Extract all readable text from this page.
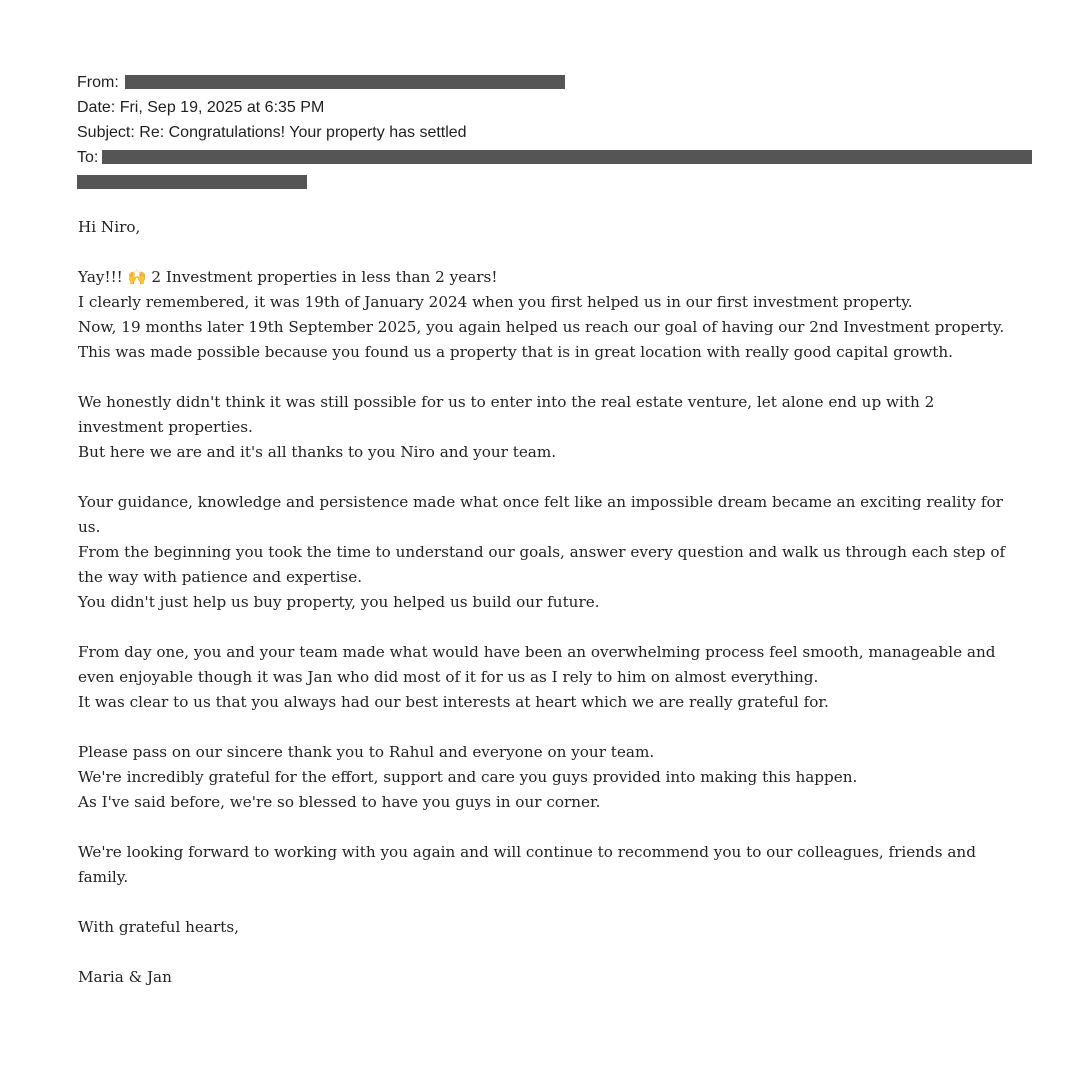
From:
Date: Fri, Sep 19, 2025 at 6:35 PM
Subject: Re: Congratulations! Your property has settled
To:

Hi Niro,

Yay!!! 🙌 2 Investment properties in less than 2 years!
I clearly remembered, it was 19th of January 2024 when you first helped us in our first investment property.
Now, 19 months later 19th September 2025, you again helped us reach our goal of having our 2nd Investment property.
This was made possible because you found us a property that is in great location with really good capital growth.

We honestly didn't think it was still possible for us to enter into the real estate venture, let alone end up with 2 investment properties.
But here we are and it's all thanks to you Niro and your team.

Your guidance, knowledge and persistence made what once felt like an impossible dream became an exciting reality for us.
From the beginning you took the time to understand our goals, answer every question and walk us through each step of the way with patience and expertise.
You didn't just help us buy property, you helped us build our future.

From day one, you and your team made what would have been an overwhelming process feel smooth, manageable and even enjoyable though it was Jan who did most of it for us as I rely to him on almost everything.
It was clear to us that you always had our best interests at heart which we are really grateful for.

Please pass on our sincere thank you to Rahul and everyone on your team.
We're incredibly grateful for the effort, support and care you guys provided into making this happen.
As I've said before, we're so blessed to have you guys in our corner.

We're looking forward to working with you again and will continue to recommend you to our colleagues, friends and family.

With grateful hearts,

Maria & Jan
